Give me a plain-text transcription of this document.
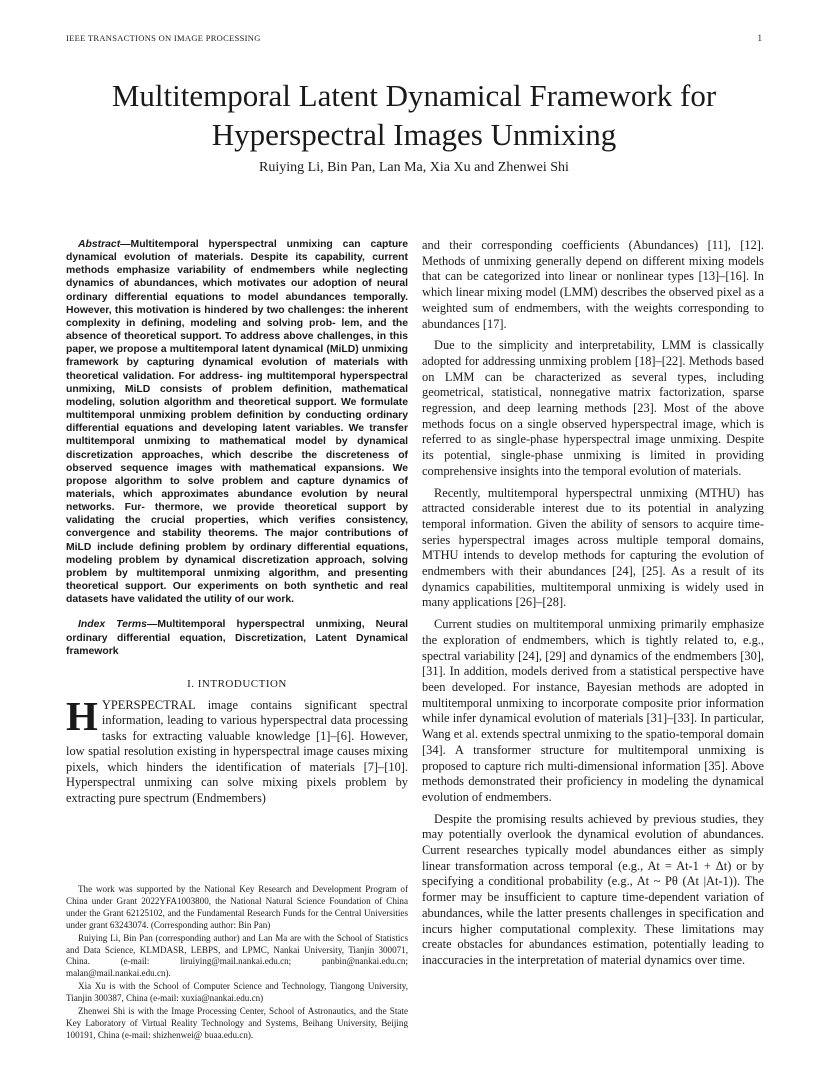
IEEE TRANSACTIONS ON IMAGE PROCESSING	1
Multitemporal Latent Dynamical Framework for Hyperspectral Images Unmixing
Ruiying Li, Bin Pan, Lan Ma, Xia Xu and Zhenwei Shi

Abstract—Multitemporal hyperspectral unmixing can capture dynamical evolution of materials. Despite its capability, current methods emphasize variability of endmembers while neglecting dynamics of abundances, which motivates our adoption of neural ordinary differential equations to model abundances temporally. However, this motivation is hindered by two challenges: the inherent complexity in defining, modeling and solving prob- lem, and the absence of theoretical support. To address above challenges, in this paper, we propose a multitemporal latent dynamical (MiLD) unmixing framework by capturing dynamical evolution of materials with theoretical validation. For address- ing multitemporal hyperspectral unmixing, MiLD consists of problem definition, mathematical modeling, solution algorithm and theoretical support. We formulate multitemporal unmixing problem definition by conducting ordinary differential equations and developing latent variables. We transfer multitemporal unmixing to mathematical model by dynamical discretization approaches, which describe the discreteness of observed sequence images with mathematical expansions. We propose algorithm to solve problem and capture dynamics of materials, which approximates abundance evolution by neural networks. Fur- thermore, we provide theoretical support by validating the crucial properties, which verifies consistency, convergence and stability theorems. The major contributions of MiLD include defining problem by ordinary differential equations, modeling problem by dynamical discretization approach, solving problem by multitemporal unmixing algorithm, and presenting theoretical support. Our experiments on both synthetic and real datasets have validated the utility of our work.

Index Terms—Multitemporal hyperspectral unmixing, Neural ordinary differential equation, Discretization, Latent Dynamical framework

I. INTRODUCTION

HYPERSPECTRAL image contains significant spectral information, leading to various hyperspectral data processing tasks for extracting valuable knowledge [1]–[6]. However, low spatial resolution existing in hyperspectral image causes mixing pixels, which hinders the identification of materials [7]–[10]. Hyperspectral unmixing can solve mixing pixels problem by extracting pure spectrum (Endmembers)

The work was supported by the National Key Research and Development Program of China under Grant 2022YFA1003800, the National Natural Science Foundation of China under the Grant 62125102, and the Fundamental Research Funds for the Central Universities under grant 63243074. (Corresponding author: Bin Pan)

Ruiying Li, Bin Pan (corresponding author) and Lan Ma are with the School of Statistics and Data Science, KLMDASR, LEBPS, and LPMC, Nankai University, Tianjin 300071, China. (e-mail: liruiying@mail.nankai.edu.cn; panbin@nankai.edu.cn; malan@mail.nankai.edu.cn).

Xia Xu is with the School of Computer Science and Technology, Tiangong University, Tianjin 300387, China (e-mail: xuxia@nankai.edu.cn)

Zhenwei Shi is with the Image Processing Center, School of Astronautics, and the State Key Laboratory of Virtual Reality Technology and Systems, Beihang University, Beijing 100191, China (e-mail: shizhenwei@ buaa.edu.cn).

and their corresponding coefficients (Abundances) [11], [12]. Methods of unmixing generally depend on different mixing models that can be categorized into linear or nonlinear types [13]–[16]. In which linear mixing model (LMM) describes the observed pixel as a weighted sum of endmembers, with the weights corresponding to abundances [17].

Due to the simplicity and interpretability, LMM is classically adopted for addressing unmixing problem [18]–[22]. Methods based on LMM can be characterized as several types, including geometrical, statistical, nonnegative matrix factorization, sparse regression, and deep learning methods [23]. Most of the above methods focus on a single observed hyperspectral image, which is referred to as single-phase hyperspectral image unmixing. Despite its potential, single-phase unmixing is limited in providing comprehensive insights into the temporal evolution of materials.

Recently, multitemporal hyperspectral unmixing (MTHU) has attracted considerable interest due to its potential in analyzing temporal information. Given the ability of sensors to acquire time-series hyperspectral images across multiple temporal domains, MTHU intends to develop methods for capturing the evolution of endmembers with their abundances [24], [25]. As a result of its dynamics capabilities, multitemporal unmixing is widely used in many applications [26]–[28].

Current studies on multitemporal unmixing primarily emphasize the exploration of endmembers, which is tightly related to, e.g., spectral variability [24], [29] and dynamics of the endmembers [30], [31]. In addition, models derived from a statistical perspective have been developed. For instance, Bayesian methods are adopted in multitemporal unmixing to incorporate composite prior information while infer dynamical evolution of materials [31]–[33]. In particular, Wang et al. extends spectral unmixing to the spatio-temporal domain [34]. A transformer structure for multitemporal unmixing is proposed to capture rich multi-dimensional information [35]. Above methods demonstrated their proficiency in modeling the dynamical evolution of endmembers.

Despite the promising results achieved by previous studies, they may potentially overlook the dynamical evolution of abundances. Current researches typically model abundances either as simply linear transformation across temporal (e.g., At = At-1 + Δt) or by specifying a conditional probability (e.g., At ~ Pθ (At |At-1)). The former may be insufficient to capture time-dependent variation of abundances, while the latter presents challenges in specification and incurs higher computational complexity. These limitations may create obstacles for abundances estimation, potentially leading to inaccuracies in the interpretation of material dynamics over time.
